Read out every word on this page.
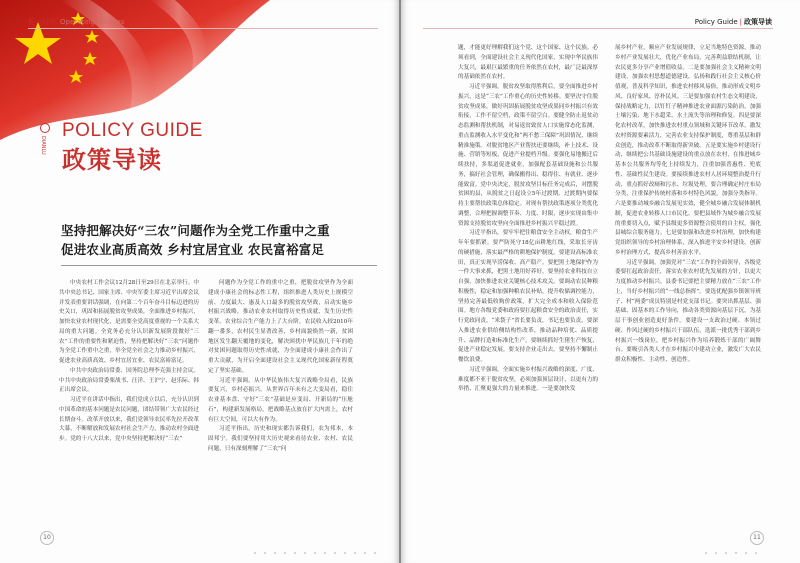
振兴村庄 Operating Villages
DIANLU
POLICY GUIDE
政策导读
坚持把解决好“三农”问题作为全党工作重中之重
促进农业高质高效 乡村宜居宜业 农民富裕富足

中央农村工作会议12月28日至29日在北京举行。中共中央总书记、国家主席、中央军委主席习近平出席会议并发表重要讲话强调，在向第二个百年奋斗目标迈进的历史关口，巩固和拓展脱贫攻坚成果，全面推进乡村振兴，加快农业农村现代化，是需要全党高度重视的一个关系大局的重大问题。全党务必充分认识新发展阶段做好“三农”工作的重要性和紧迫性，坚持把解决好“三农”问题作为全党工作重中之重，举全党全社会之力推动乡村振兴，促进农业高质高效、乡村宜居宜业、农民富裕富足。

中共中央政治局常委、国务院总理李克强主持会议。中共中央政治局常委栗战书、汪洋、王沪宁、赵乐际、韩正出席会议。

习近平在讲话中指出，我们党成立以后，充分认识到中国革命的基本问题是农民问题，团结带领广大农民经过长期奋斗。改革开放以来，我们党领导农民率先拉开改革大幕，不断解放和发展农村社会生产力，推动农村全面进步。党的十八大以来，党中央坚持把解决好“三农”

问题作为全党工作的重中之重，把脱贫攻坚作为全面建成小康社会的标志性工程，组织推进人类历史上规模空前、力度最大、惠及人口最多的脱贫攻坚战，启动实施乡村振兴战略，推动农业农村取得历史性成就、发生历史性变革。农业综合生产能力上了大台阶，农民收入较2010年翻一番多，农村民生显著改善，乡村面貌焕然一新，贫困地区发生翻天覆地的变化，解决困扰中华民族几千年的绝对贫困问题取得历史性成就，为全面建成小康社会作出了重大贡献，为开启全面建设社会主义现代化国家新征程奠定了坚实基础。

习近平强调，从中华民族伟大复兴战略全局看，民族要复兴，乡村必振兴。从世界百年未有之大变局看，稳住农业基本盘、守好“三农”基础是应变局、开新局的“压舱石”，构建新发展格局，把战略基点放在扩大内需上，农村有巨大空间，可以大有作为。

习近平指出，历史和现实都告诉我们，农为邦本，本固邦宁。我们要坚持用大历史观来看待农业、农村、农民问题，只有深刻理解了“三农”问

10
Policy Guide | 政策导读

题，才能更好理解我们这个党、这个国家、这个民族。必须看到，全面建设社会主义现代化国家，实现中华民族伟大复兴，最艰巨最繁重的任务依然在农村，最广泛最深厚的基础依然在农村。

习近平强调，脱贫攻坚取得胜利后，要全面推进乡村振兴，这是“三农”工作重心的历史性转移。要坚决守住脱贫攻坚成果，做好巩固拓展脱贫攻坚成果同乡村振兴有效衔接，工作不留空档，政策不留空白。要健全防止返贫动态监测和帮扶机制，对易返贫致贫人口实施常态化监测，重点监测收入水平变化和“两不愁三保障”巩固情况，继续精准施策。对脱贫地区产业帮扶还要继续，补上技术、设施、营销等短板，促进产业提档升级。要强化易地搬迁后续扶持，多渠道促进就业，加强配套基础设施和公共服务，搞好社会管理，确保搬得出、稳得住、有就业、逐步能致富。党中央决定，脱贫攻坚目标任务完成后，对摆脱贫困的县，从脱贫之日起设立5年过渡期。过渡期内要保持主要帮扶政策总体稳定。对现有帮扶政策逐项分类优化调整，合理把握调整节奏、力度、时限，逐步实现由集中资源支持脱贫攻坚向全面推进乡村振兴平稳过渡。

习近平指出，要牢牢把住粮食安全主动权，粮食生产年年要抓紧。要严防死守18亿亩耕地红线，采取长牙齿的硬措施，落实最严格的耕地保护制度。要建设高标准农田，真正实现旱涝保收、高产稳产。要把黑土地保护作为一件大事来抓，把黑土地用好养好。要坚持农业科技自立自强，加快推进农业关键核心技术攻关。要调动农民种粮积极性，稳定和加强种粮农民补贴，提升收储调控能力，坚持完善最低收购价政策，扩大完全成本和收入保险范围。地方各级党委和政府要扛起粮食安全的政治责任，实行党政同责，“米袋子”省长要负责，书记也要负责。要深入推进农业供给侧结构性改革，推动品种培优、品质提升、品牌打造和标准化生产。要继续抓好生猪生产恢复，促进产业稳定发展。要支持企业走出去。要坚持不懈制止餐饮浪费。

习近平强调，全面实施乡村振兴战略的深度、广度、难度都不亚于脱贫攻坚，必须加强顶层设计，以更有力的举措、汇聚更强大的力量来推进。一是要加快发

展乡村产业，顺应产业发展规律，立足当地特色资源，推动乡村产业发展壮大，优化产业布局，完善利益联结机制，让农民更多分享产业增值收益。二是要加强社会主义精神文明建设，加强农村思想道德建设，弘扬和践行社会主义核心价值观，普及科学知识，推进农村移风易俗，推动形成文明乡风、良好家风、淳朴民风。三是要加强农村生态文明建设，保持战略定力，以钉钉子精神推进农业面源污染防治，加强土壤污染、地下水超采、水土流失等治理和修复。四是要深化农村改革，加快推进农村重点领域和关键环节改革，激发农村资源要素活力，完善农业支持保护制度，尊重基层和群众创造，推动改革不断取得新突破。五是要实施乡村建设行动，继续把公共基础设施建设的重点放在农村，在推进城乡基本公共服务均等化上持续发力，注重加强普惠性、兜底性、基础性民生建设。要接续推进农村人居环境整治提升行动，重点抓好改厕和污水、垃圾处理。要合理确定村庄布局分类，注重保护传统村落和乡村特色风貌，加强分类指导。六是要推动城乡融合发展见实效，健全城乡融合发展体制机制，促进农业转移人口市民化。要把县域作为城乡融合发展的重要切入点，赋予县级更多资源整合使用的自主权，强化县城综合服务能力。七是要加强和改进乡村治理，加快构建党组织领导的乡村治理体系，深入推进平安乡村建设，创新乡村治理方式，提高乡村善治水平。

习近平强调，加强党对“三农”工作的全面领导，各级党委要扛起政治责任，落实农业农村优先发展的方针，以更大力度推动乡村振兴。县委书记要把主要精力放在“三农”工作上，当好乡村振兴的“一线总指挥”。要选优配强乡镇领导班子、村“两委”成员特别是村党支部书记。要突出抓基层、强基础、固基本的工作导向，推动各类资源向基层下沉，为基层干事创业创造更好条件。要建设一支政治过硬、本领过硬、作风过硬的乡村振兴干部队伍，选派一批优秀干部到乡村振兴一线岗位，把乡村振兴作为培养锻炼干部的广阔舞台。要吸引各类人才在乡村振兴中建功立业，激发广大农民群众积极性、主动性、创造性。

11
